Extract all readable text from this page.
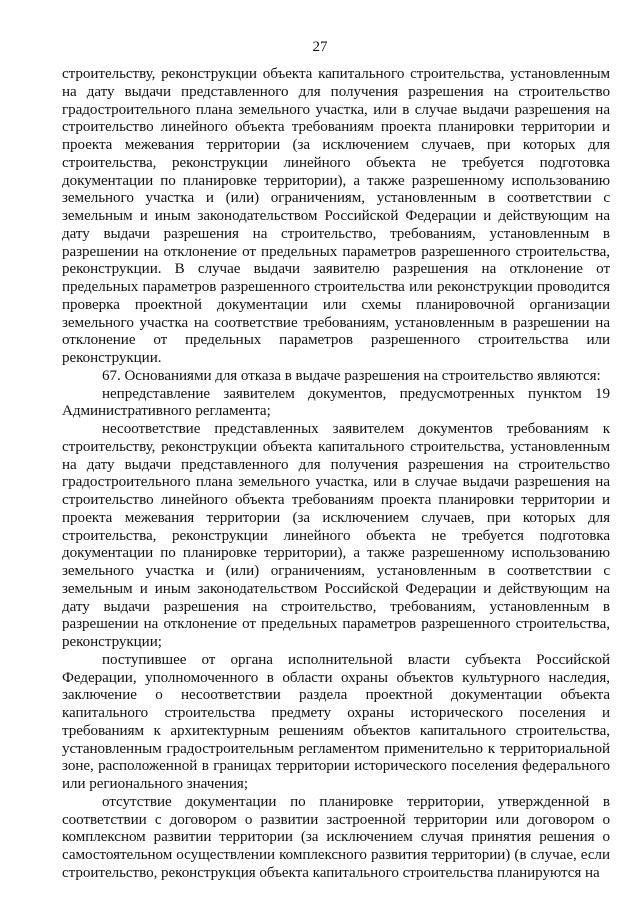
27

строительству, реконструкции объекта капитального строительства, установленным на дату выдачи представленного для получения разрешения на строительство градостроительного плана земельного участка, или в случае выдачи разрешения на строительство линейного объекта требованиям проекта планировки территории и проекта межевания территории (за исключением случаев, при которых для строительства, реконструкции линейного объекта не требуется подготовка документации по планировке территории), а также разрешенному использованию земельного участка и (или) ограничениям, установленным в соответствии с земельным и иным законодательством Российской Федерации и действующим на дату выдачи разрешения на строительство, требованиям, установленным в разрешении на отклонение от предельных параметров разрешенного строительства, реконструкции. В случае выдачи заявителю разрешения на отклонение от предельных параметров разрешенного строительства или реконструкции проводится проверка проектной документации или схемы планировочной организации земельного участка на соответствие требованиям, установленным в разрешении на отклонение от предельных параметров разрешенного строительства или реконструкции.

67. Основаниями для отказа в выдаче разрешения на строительство являются:

непредставление заявителем документов, предусмотренных пунктом 19 Административного регламента;

несоответствие представленных заявителем документов требованиям к строительству, реконструкции объекта капитального строительства, установленным на дату выдачи представленного для получения разрешения на строительство градостроительного плана земельного участка, или в случае выдачи разрешения на строительство линейного объекта требованиям проекта планировки территории и проекта межевания территории (за исключением случаев, при которых для строительства, реконструкции линейного объекта не требуется подготовка документации по планировке территории), а также разрешенному использованию земельного участка и (или) ограничениям, установленным в соответствии с земельным и иным законодательством Российской Федерации и действующим на дату выдачи разрешения на строительство, требованиям, установленным в разрешении на отклонение от предельных параметров разрешенного строительства, реконструкции;

поступившее от органа исполнительной власти субъекта Российской Федерации, уполномоченного в области охраны объектов культурного наследия, заключение о несоответствии раздела проектной документации объекта капитального строительства предмету охраны исторического поселения и требованиям к архитектурным решениям объектов капитального строительства, установленным градостроительным регламентом применительно к территориальной зоне, расположенной в границах территории исторического поселения федерального или регионального значения;

отсутствие документации по планировке территории, утвержденной в соответствии с договором о развитии застроенной территории или договором о комплексном развитии территории (за исключением случая принятия решения о самостоятельном осуществлении комплексного развития территории) (в случае, если строительство, реконструкция объекта капитального строительства планируются на
